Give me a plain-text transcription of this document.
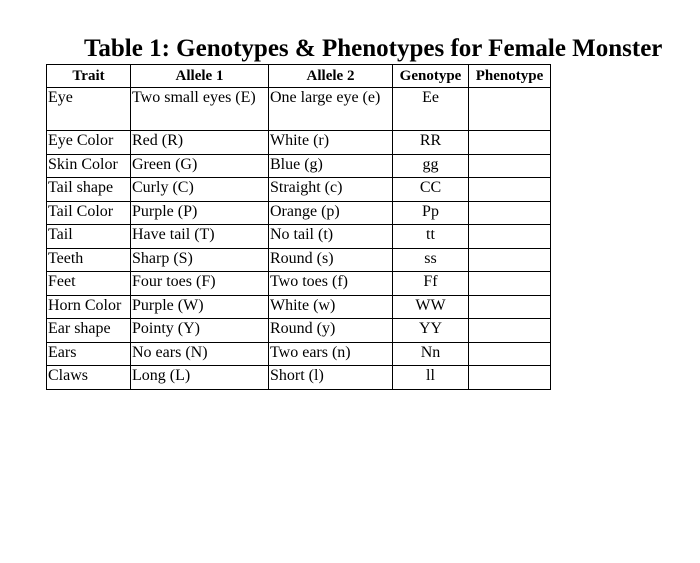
Table 1: Genotypes & Phenotypes for Female Monster
Trait	Allele 1	Allele 2	Genotype	Phenotype
Eye	Two small eyes (E)	One large eye (e)	Ee	
Eye Color	Red (R)	White (r)	RR	
Skin Color	Green (G)	Blue (g)	gg	
Tail shape	Curly (C)	Straight (c)	CC	
Tail Color	Purple (P)	Orange (p)	Pp	
Tail	Have tail (T)	No tail (t)	tt	
Teeth	Sharp (S)	Round (s)	ss	
Feet	Four toes (F)	Two toes (f)	Ff	
Horn Color	Purple (W)	White (w)	WW	
Ear shape	Pointy (Y)	Round (y)	YY	
Ears	No ears (N)	Two ears (n)	Nn	
Claws	Long (L)	Short (l)	ll	
